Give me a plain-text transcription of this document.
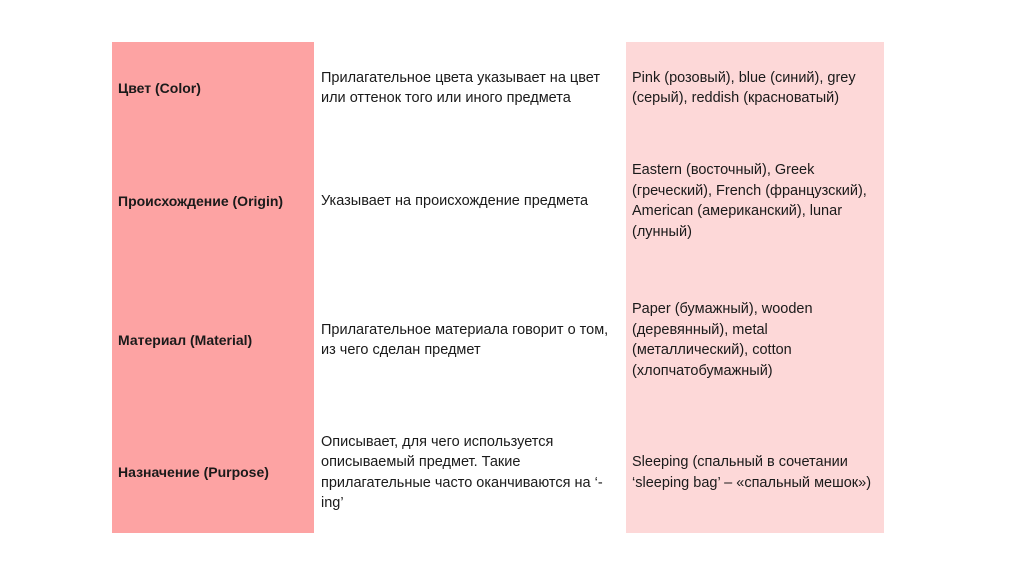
Цвет (Color)
Прилагательное цвета указывает на цвет или оттенок того или иного предмета
Pink (розовый), blue (синий), grey (серый), reddish (красноватый)
Происхождение (Origin)	Указывает на происхождение предмета
Eastern (восточный), Greek (греческий), French (французский), American (американский), lunar (лунный)
Материал (Material)
Прилагательное материала говорит о том, из чего сделан предмет
Paper (бумажный), wooden (деревянный), metal (металлический), cotton (хлопчатобумажный)
Назначение (Purpose)
Описывает, для чего используется описываемый предмет. Такие прилагательные часто оканчиваются на ‘-ing’
Sleeping (спальный в сочетании ‘sleeping bag’ – «спальный мешок»)
